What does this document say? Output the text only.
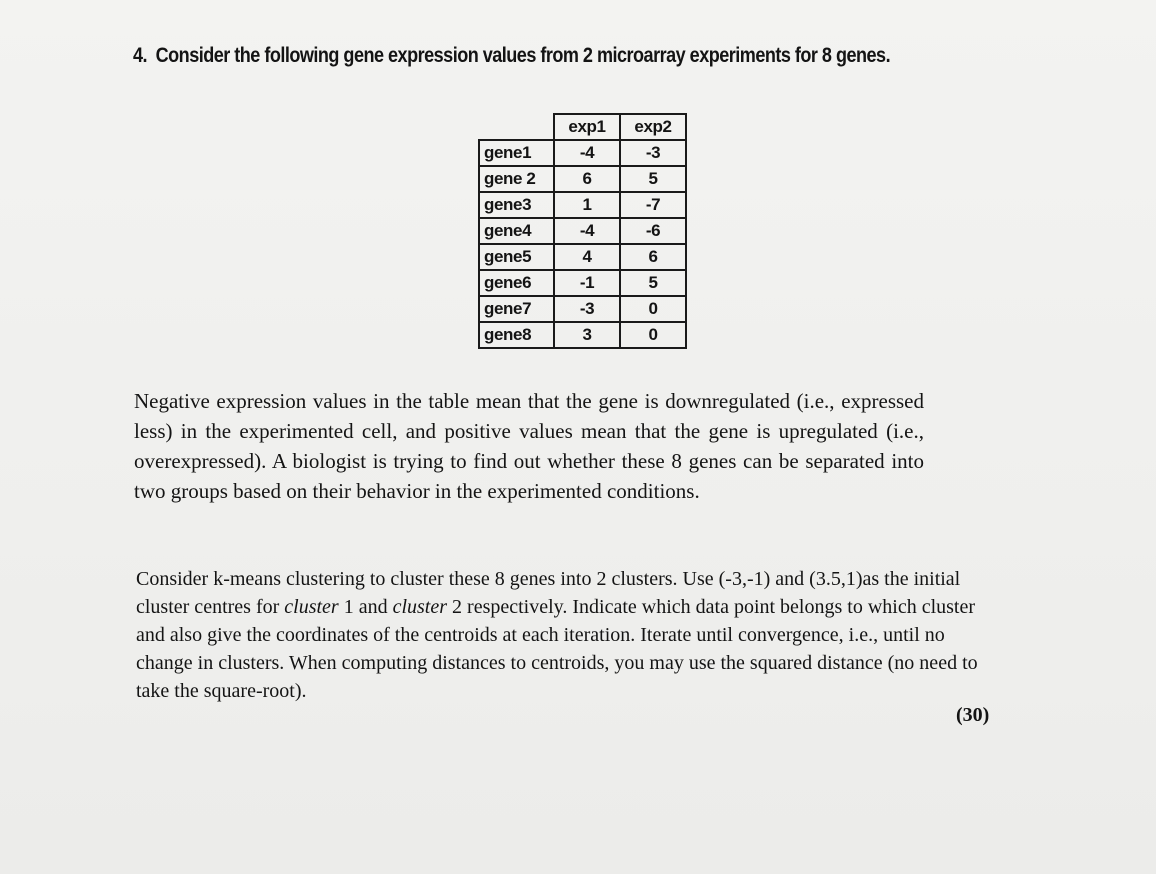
4. Consider the following gene expression values from 2 microarray experiments for 8 genes.
	exp1	exp2
gene1	-4	-3
gene 2	6	5
gene3	1	-7
gene4	-4	-6
gene5	4	6
gene6	-1	5
gene7	-3	0
gene8	3	0

Negative expression values in the table mean that the gene is downregulated (i.e., expressed less) in the experimented cell, and positive values mean that the gene is upregulated (i.e., overexpressed). A biologist is trying to find out whether these 8 genes can be separated into two groups based on their behavior in the experimented conditions.

Consider k-means clustering to cluster these 8 genes into 2 clusters. Use (-3,-1) and (3.5,1)as the initial cluster centres for cluster 1 and cluster 2 respectively. Indicate which data point belongs to which cluster and also give the coordinates of the centroids at each iteration. Iterate until convergence, i.e., until no change in clusters. When computing distances to centroids, you may use the squared distance (no need to take the square-root).

(30)
